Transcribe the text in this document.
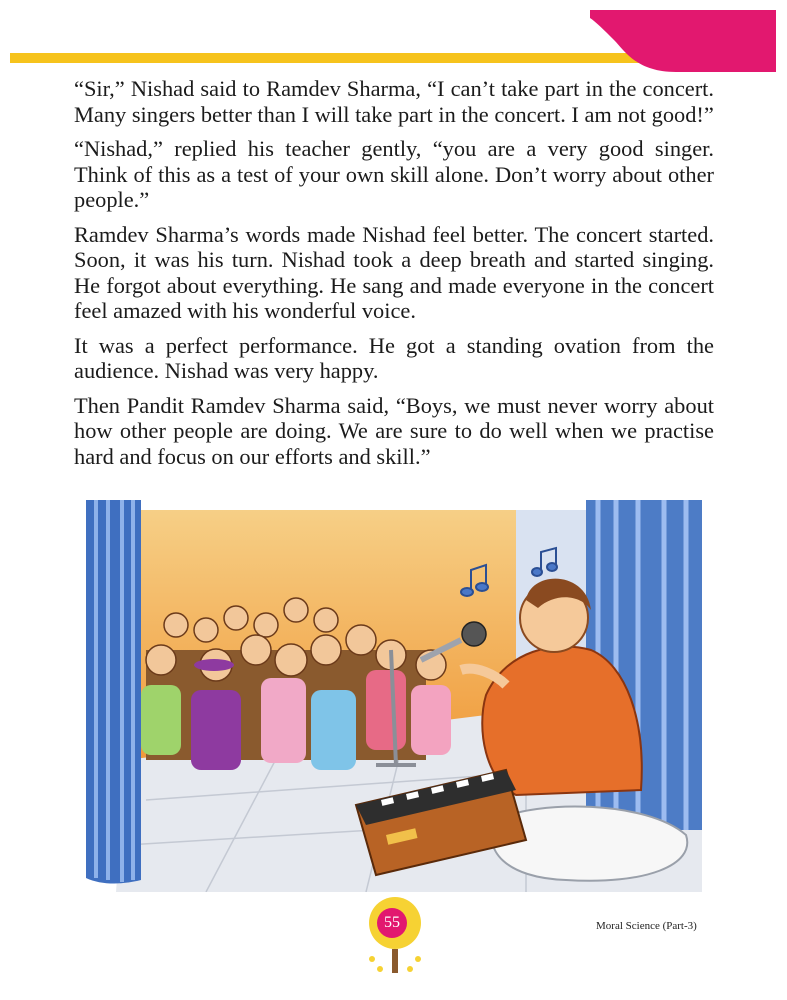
“Sir,” Nishad said to Ramdev Sharma, “I can’t take part in the concert. Many singers better than I will take part in the concert. I am not good!”

“Nishad,” replied his teacher gently, “you are a very good singer. Think of this as a test of your own skill alone. Don’t worry about other people.”

Ramdev Sharma’s words made Nishad feel better. The concert started. Soon, it was his turn. Nishad took a deep breath and started singing. He forgot about everything. He sang and made everyone in the concert feel amazed with his wonderful voice.

It was a perfect performance. He got a standing ovation from the audience. Nishad was very happy.

Then Pandit Ramdev Sharma said, “Boys, we must never worry about how other people are doing. We are sure to do well when we practise hard and focus on our efforts and skill.”

55	Moral Science (Part-3)
